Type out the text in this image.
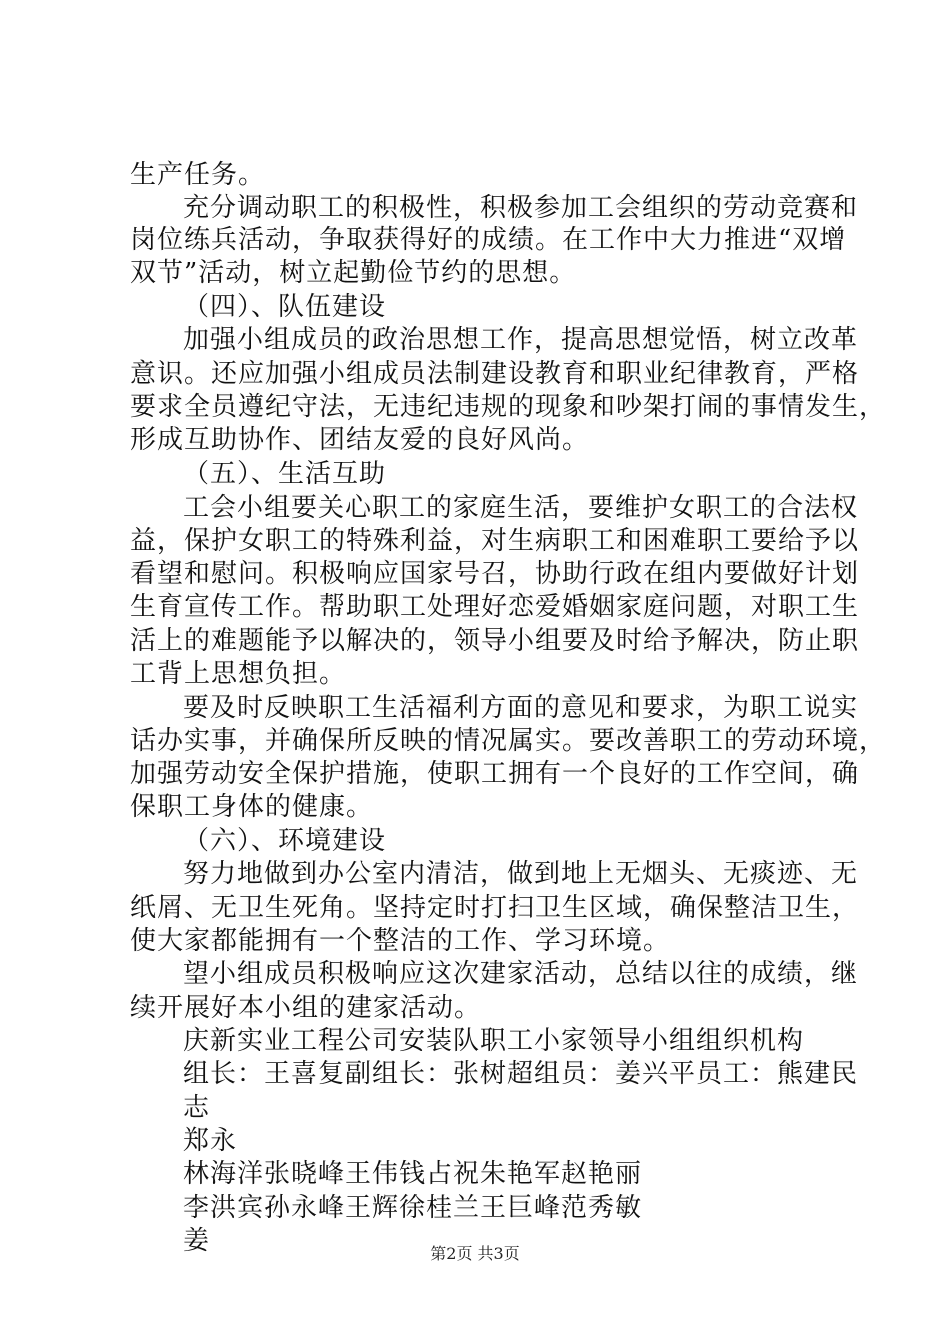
生产任务。
充分调动职工的积极性，积极参加工会组织的劳动竞赛和
岗位练兵活动，争取获得好的成绩。在工作中大力推进“双增
双节”活动，树立起勤俭节约的思想。
（四）、队伍建设
加强小组成员的政治思想工作，提高思想觉悟，树立改革
意识。还应加强小组成员法制建设教育和职业纪律教育，严格
要求全员遵纪守法，无违纪违规的现象和吵架打闹的事情发生，
形成互助协作、团结友爱的良好风尚。
（五）、生活互助
工会小组要关心职工的家庭生活，要维护女职工的合法权
益，保护女职工的特殊利益，对生病职工和困难职工要给予以
看望和慰问。积极响应国家号召，协助行政在组内要做好计划
生育宣传工作。帮助职工处理好恋爱婚姻家庭问题，对职工生
活上的难题能予以解决的，领导小组要及时给予解决，防止职
工背上思想负担。
要及时反映职工生活福利方面的意见和要求，为职工说实
话办实事，并确保所反映的情况属实。要改善职工的劳动环境，
加强劳动安全保护措施，使职工拥有一个良好的工作空间，确
保职工身体的健康。
（六）、环境建设
努力地做到办公室内清洁，做到地上无烟头、无痰迹、无
纸屑、无卫生死角。坚持定时打扫卫生区域，确保整洁卫生，
使大家都能拥有一个整洁的工作、学习环境。
望小组成员积极响应这次建家活动，总结以往的成绩，继
续开展好本小组的建家活动。
庆新实业工程公司安装队职工小家领导小组组织机构
组长：王喜复副组长：张树超组员：姜兴平员工：熊建民
志
郑永
林海洋张晓峰王伟钱占祝朱艳军赵艳丽
李洪宾孙永峰王辉徐桂兰王巨峰范秀敏
姜	第2页 共3页
